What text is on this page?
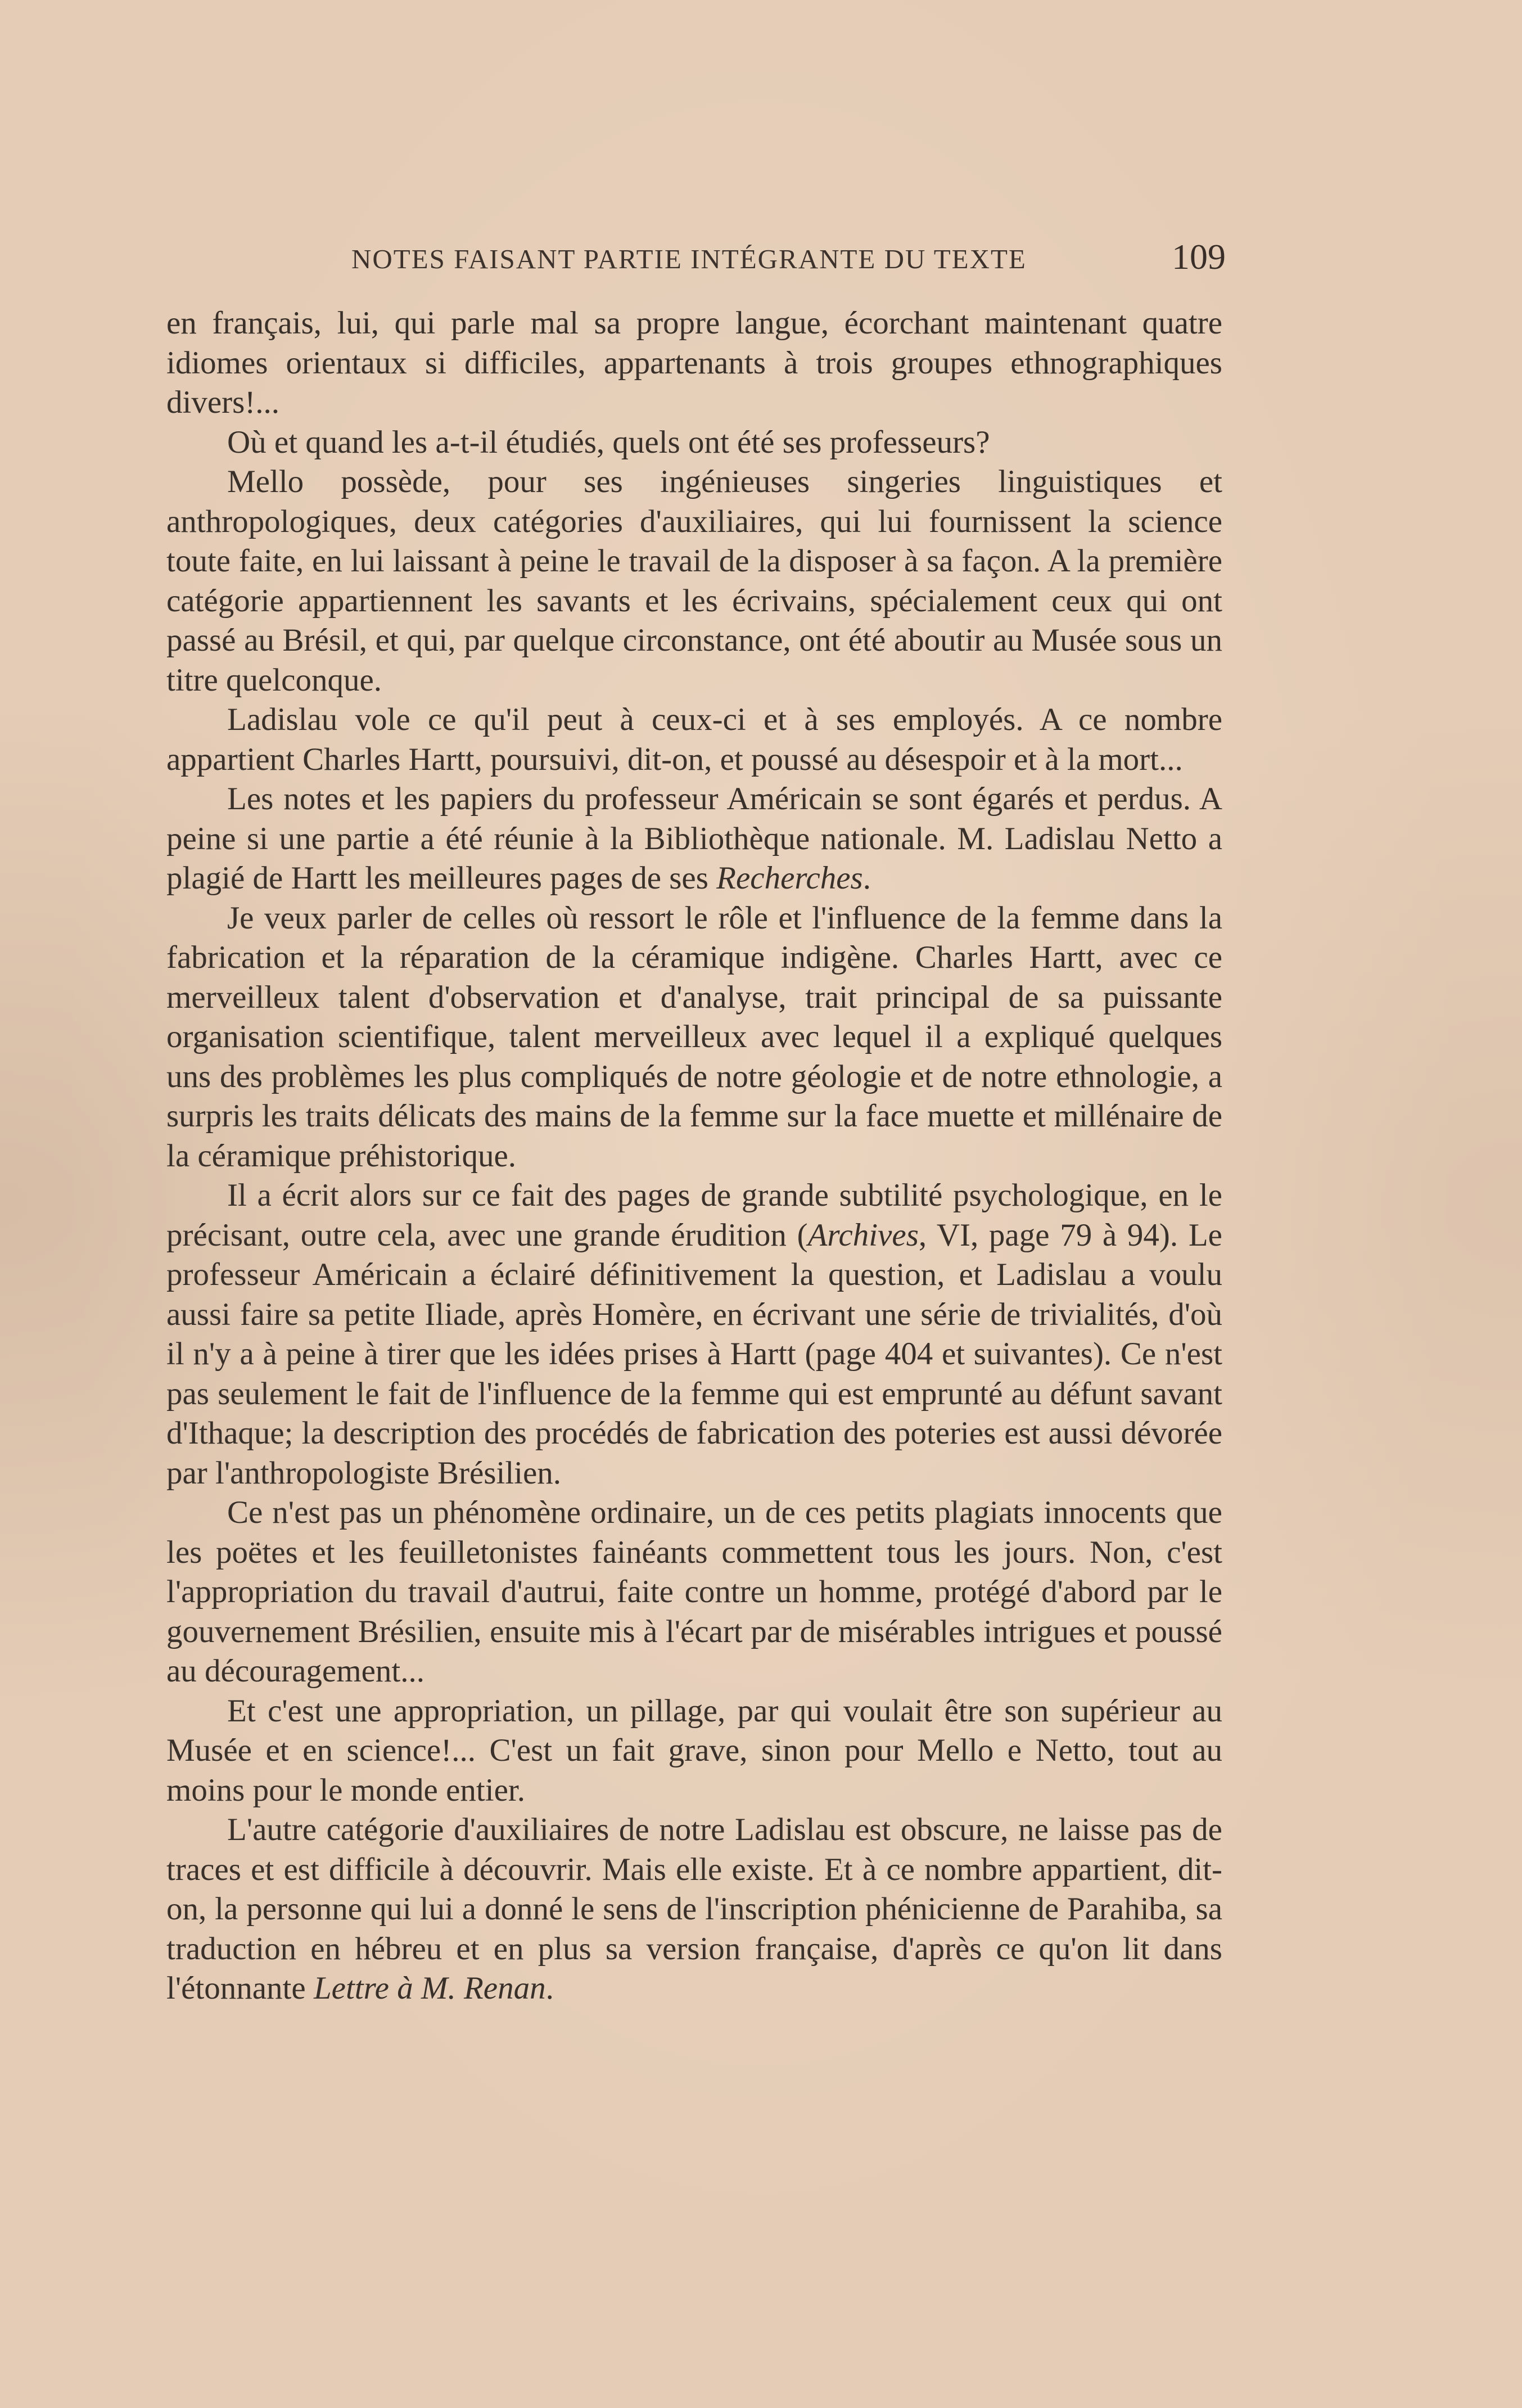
NOTES FAISANT PARTIE INTÉGRANTE DU TEXTE	109

en français, lui, qui parle mal sa propre langue, écorchant maintenant quatre idiomes orientaux si difficiles, appartenants à trois groupes ethnographiques divers!...

Où et quand les a-t-il étudiés, quels ont été ses professeurs?

Mello possède, pour ses ingénieuses singeries linguistiques et anthropologiques, deux catégories d'auxiliaires, qui lui fournissent la science toute faite, en lui laissant à peine le travail de la disposer à sa façon. A la première catégorie appartiennent les savants et les écrivains, spécialement ceux qui ont passé au Brésil, et qui, par quelque circonstance, ont été aboutir au Musée sous un titre quelconque.

Ladislau vole ce qu'il peut à ceux-ci et à ses employés. A ce nombre appartient Charles Hartt, poursuivi, dit-on, et poussé au désespoir et à la mort...

Les notes et les papiers du professeur Américain se sont égarés et perdus. A peine si une partie a été réunie à la Bibliothèque nationale. M. Ladislau Netto a plagié de Hartt les meilleures pages de ses Recherches.

Je veux parler de celles où ressort le rôle et l'influence de la femme dans la fabrication et la réparation de la céramique indigène. Charles Hartt, avec ce merveilleux talent d'observation et d'analyse, trait principal de sa puissante organisation scientifique, talent merveilleux avec lequel il a expliqué quelques uns des problèmes les plus compliqués de notre géologie et de notre ethnologie, a surpris les traits délicats des mains de la femme sur la face muette et millénaire de la céramique préhistorique.

Il a écrit alors sur ce fait des pages de grande subtilité psychologique, en le précisant, outre cela, avec une grande érudition (Archives, VI, page 79 à 94). Le professeur Américain a éclairé définitivement la question, et Ladislau a voulu aussi faire sa petite Iliade, après Homère, en écrivant une série de trivialités, d'où il n'y a à peine à tirer que les idées prises à Hartt (page 404 et suivantes). Ce n'est pas seulement le fait de l'influence de la femme qui est emprunté au défunt savant d'Ithaque; la description des procédés de fabrication des poteries est aussi dévorée par l'anthropologiste Brésilien.

Ce n'est pas un phénomène ordinaire, un de ces petits plagiats innocents que les poëtes et les feuilletonistes fainéants commettent tous les jours. Non, c'est l'appropriation du travail d'autrui, faite contre un homme, protégé d'abord par le gouvernement Brésilien, ensuite mis à l'écart par de misérables intrigues et poussé au découragement...

Et c'est une appropriation, un pillage, par qui voulait être son supérieur au Musée et en science!... C'est un fait grave, sinon pour Mello e Netto, tout au moins pour le monde entier.

L'autre catégorie d'auxiliaires de notre Ladislau est obscure, ne laisse pas de traces et est difficile à découvrir. Mais elle existe. Et à ce nombre appartient, dit-on, la personne qui lui a donné le sens de l'inscription phénicienne de Parahiba, sa traduction en hébreu et en plus sa version française, d'après ce qu'on lit dans l'étonnante Lettre à M. Renan.
